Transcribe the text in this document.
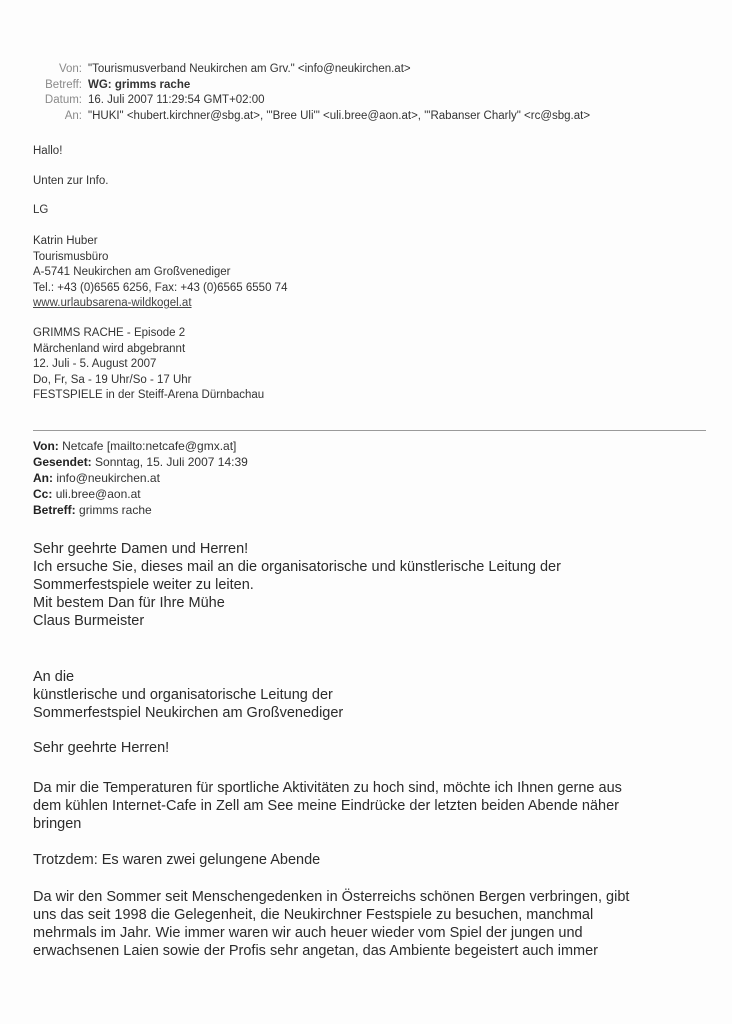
Von: "Tourismusverband Neukirchen am Grv." <info@neukirchen.at>
Betreff: WG: grimms rache
Datum: 16. Juli 2007 11:29:54 GMT+02:00
An: "HUKI" <hubert.kirchner@sbg.at>, "'Bree Uli'" <uli.bree@aon.at>, "'Rabanser Charly" <rc@sbg.at>
Hallo!
Unten zur Info.
LG
Katrin Huber
Tourismusbüro
A-5741 Neukirchen am Großvenediger
Tel.: +43 (0)6565 6256, Fax: +43 (0)6565 6550 74
www.urlaubsarena-wildkogel.at
GRIMMS RACHE - Episode 2
Märchenland wird abgebrannt
12. Juli - 5. August 2007
Do, Fr, Sa - 19 Uhr/So - 17 Uhr
FESTSPIELE in der Steiff-Arena Dürnbachau
Von: Netcafe [mailto:netcafe@gmx.at]
Gesendet: Sonntag, 15. Juli 2007 14:39
An: info@neukirchen.at
Cc: uli.bree@aon.at
Betreff: grimms rache
Sehr geehrte Damen und Herren!
Ich ersuche Sie, dieses mail an die organisatorische und künstlerische Leitung der
Sommerfestspiele weiter zu leiten.
Mit bestem Dan für Ihre Mühe
Claus Burmeister
An die
künstlerische und organisatorische Leitung der
Sommerfestspiel Neukirchen am Großvenediger
Sehr geehrte Herren!
Da mir die Temperaturen für sportliche Aktivitäten zu hoch sind, möchte ich Ihnen gerne aus
dem kühlen Internet-Cafe in Zell am See meine Eindrücke der letzten beiden Abende näher
bringen
Trotzdem: Es waren zwei gelungene Abende
Da wir den Sommer seit Menschengedenken in Österreichs schönen Bergen verbringen, gibt
uns das seit 1998 die Gelegenheit, die Neukirchner Festspiele zu besuchen, manchmal
mehrmals im Jahr. Wie immer waren wir auch heuer wieder vom Spiel der jungen und
erwachsenen Laien sowie der Profis sehr angetan, das Ambiente begeistert auch immer
